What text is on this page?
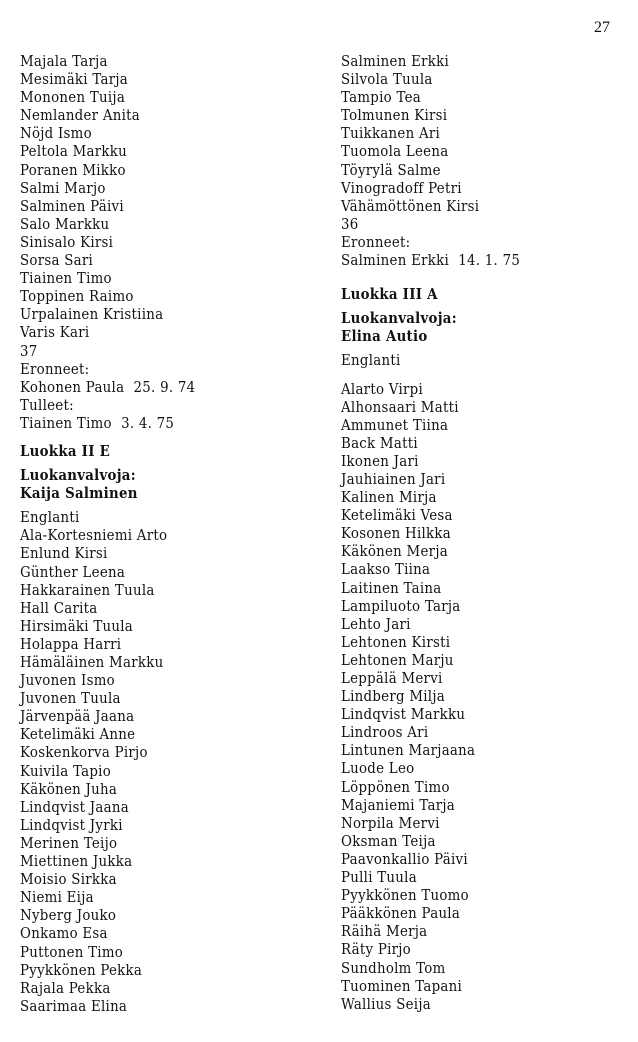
27
Majala Tarja
Mesimäki Tarja
Mononen Tuija
Nemlander Anita
Nöjd Ismo
Peltola Markku
Poranen Mikko
Salmi Marjo
Salminen Päivi
Salo Markku
Sinisalo Kirsi
Sorsa Sari
Tiainen Timo
Toppinen Raimo
Urpalainen Kristiina
Varis Kari
37
Eronneet:
Kohonen Paula 25. 9. 74
Tulleet:
Tiainen Timo 3. 4. 75
Luokka II E
Luokanvalvoja:
Kaija Salminen
Englanti
Ala-Kortesniemi Arto
Enlund Kirsi
Günther Leena
Hakkarainen Tuula
Hall Carita
Hirsimäki Tuula
Holappa Harri
Hämäläinen Markku
Juvonen Ismo
Juvonen Tuula
Järvenpää Jaana
Ketelimäki Anne
Koskenkorva Pirjo
Kuivila Tapio
Käkönen Juha
Lindqvist Jaana
Lindqvist Jyrki
Merinen Teijo
Miettinen Jukka
Moisio Sirkka
Niemi Eija
Nyberg Jouko
Onkamo Esa
Puttonen Timo
Pyykkönen Pekka
Rajala Pekka
Saarimaa Elina
Salminen Erkki
Silvola Tuula
Tampio Tea
Tolmunen Kirsi
Tuikkanen Ari
Tuomola Leena
Töyrylä Salme
Vinogradoff Petri
Vähämöttönen Kirsi
36
Eronneet:
Salminen Erkki 14. 1. 75
Luokka III A
Luokanvalvoja:
Elina Autio
Englanti
Alarto Virpi
Alhonsaari Matti
Ammunet Tiina
Back Matti
Ikonen Jari
Jauhiainen Jari
Kalinen Mirja
Ketelimäki Vesa
Kosonen Hilkka
Käkönen Merja
Laakso Tiina
Laitinen Taina
Lampiluoto Tarja
Lehto Jari
Lehtonen Kirsti
Lehtonen Marju
Leppälä Mervi
Lindberg Milja
Lindqvist Markku
Lindroos Ari
Lintunen Marjaana
Luode Leo
Löppönen Timo
Majaniemi Tarja
Norpila Mervi
Oksman Teija
Paavonkallio Päivi
Pulli Tuula
Pyykkönen Tuomo
Pääkkönen Paula
Räihä Merja
Räty Pirjo
Sundholm Tom
Tuominen Tapani
Wallius Seija
